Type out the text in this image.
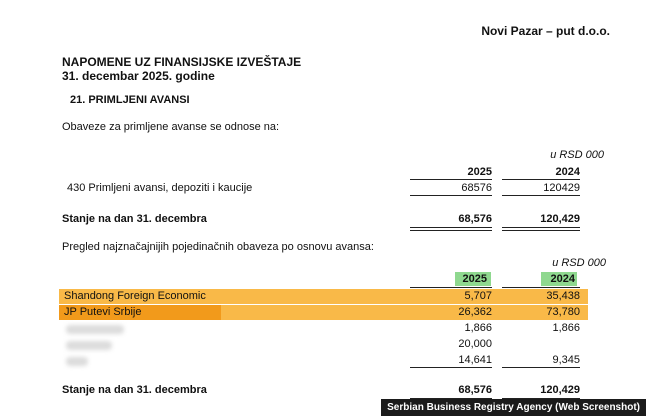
Novi Pazar – put d.o.o.
NAPOMENE UZ FINANSIJSKE IZVEŠTAJE
31. decembar 2025. godine
21. PRIMLJENI AVANSI
Obaveze za primljene avanse se odnose na:
u RSD 000
2025	2024
430 Primljeni avansi, depoziti i kaucije	68576	120429
Stanje na dan 31. decembra	68,576	120,429
Pregled najznačajnijih pojedinačnih obaveza po osnovu avansa:
u RSD 000
2025	2024
Shandong Foreign Economic	5,707	35,438
JP Putevi Srbije	26,362	73,780
1,866	1,866
20,000
14,641	9,345
Stanje na dan 31. decembra	68,576	120,429
Serbian Business Registry Agency (Web Screenshot)
